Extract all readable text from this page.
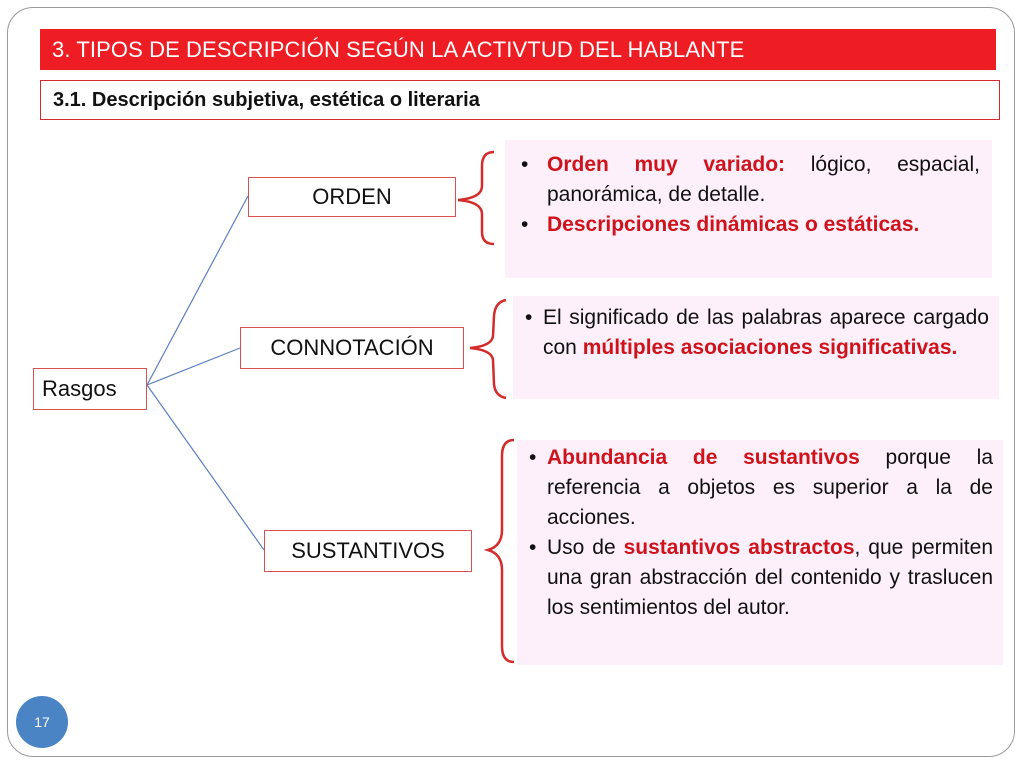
3. TIPOS DE DESCRIPCIÓN SEGÚN LA ACTIVTUD DEL HABLANTE
3.1. Descripción subjetiva, estética o literaria
Rasgos
ORDEN
CONNOTACIÓN
SUSTANTIVOS
• Orden muy variado: lógico, espacial, panorámica, de detalle.
• Descripciones dinámicas o estáticas.
• El significado de las palabras aparece cargado con múltiples asociaciones significativas.
• Abundancia de sustantivos porque la referencia a objetos es superior a la de acciones.
• Uso de sustantivos abstractos, que permiten una gran abstracción del contenido y traslucen los sentimientos del autor.
17
